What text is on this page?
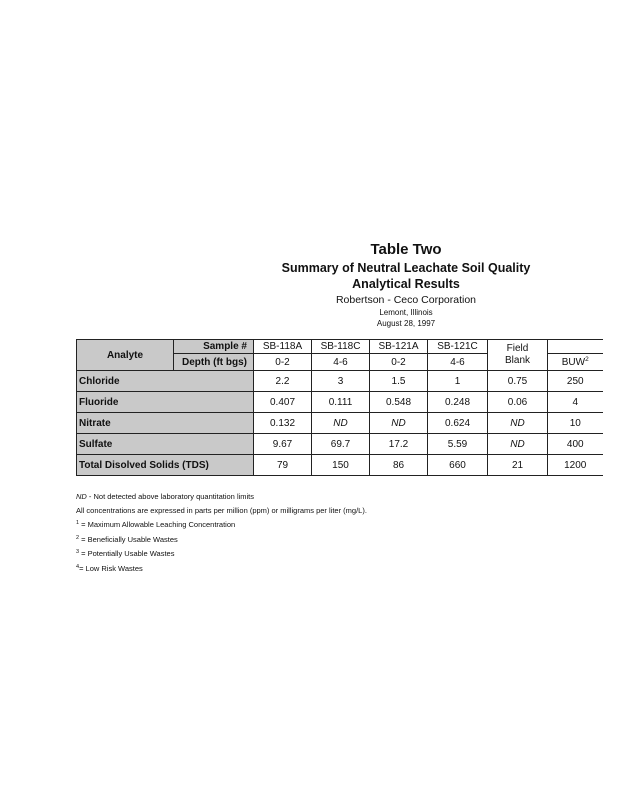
Table Two
Summary of Neutral Leachate Soil Quality
Analytical Results
Robertson - Ceco Corporation
Lemont, Illinois
August 28, 1997
Analyte	Sample #	SB-118A	SB-118C	SB-121A	SB-121C	Field
Blank	
	Depth (ft bgs)	0-2	4-6	0-2	4-6		BUW$^2$
Chloride		2.2	3	1.5	1	0.75	250
Fluoride		0.407	0.111	0.548	0.248	0.06	4
Nitrate		0.132	ND	ND	0.624	ND	10
Sulfate		9.67	69.7	17.2	5.59	ND	400
Total Disolved Solids (TDS)		79	150	86	660	21	1200
ND - Not detected above laboratory quantitation limits
All concentrations are expressed in parts per million (ppm) or milligrams per liter (mg/L).
$^1$ = Maximum Allowable Leaching Concentration
$^2$ = Beneficially Usable Wastes
$^3$ = Potentially Usable Wastes
$^4$= Low Risk Wastes
